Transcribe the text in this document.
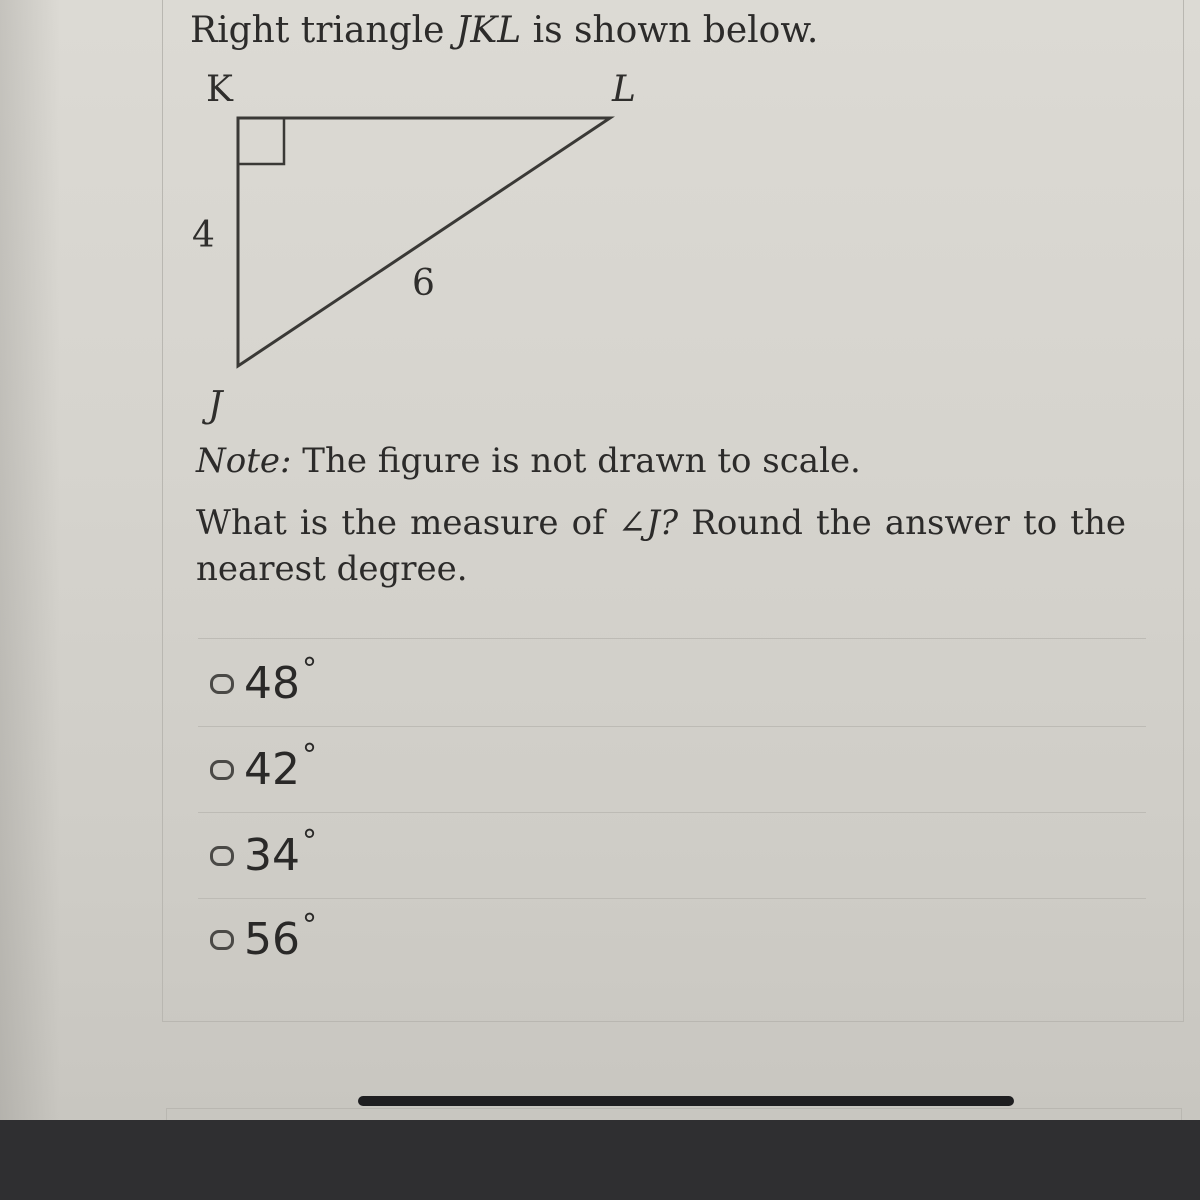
Right triangle JKL is shown below.
K	L
J
4
6
Note: The figure is not drawn to scale.
What is the measure of ∠J? Round the answer to the nearest degree.
48 °
42 °
34 °
56 °
